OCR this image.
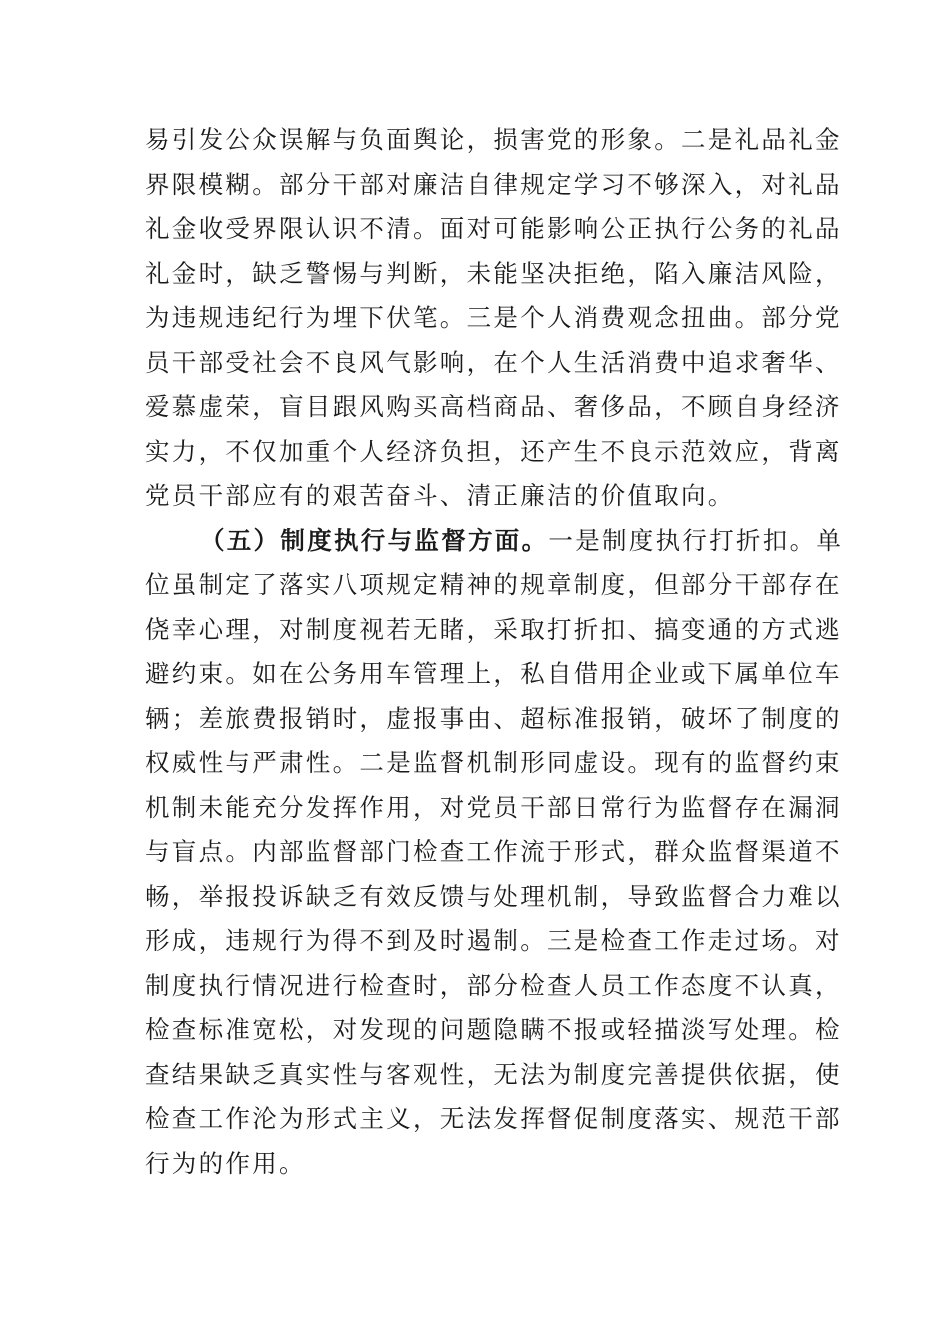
易引发公众误解与负面舆论，损害党的形象。二是礼品礼金
界限模糊。部分干部对廉洁自律规定学习不够深入，对礼品
礼金收受界限认识不清。面对可能影响公正执行公务的礼品
礼金时，缺乏警惕与判断，未能坚决拒绝，陷入廉洁风险，
为违规违纪行为埋下伏笔。三是个人消费观念扭曲。部分党
员干部受社会不良风气影响，在个人生活消费中追求奢华、
爱慕虚荣，盲目跟风购买高档商品、奢侈品，不顾自身经济
实力，不仅加重个人经济负担，还产生不良示范效应，背离
党员干部应有的艰苦奋斗、清正廉洁的价值取向。
（五）制度执行与监督方面。一是制度执行打折扣。单
位虽制定了落实八项规定精神的规章制度，但部分干部存在
侥幸心理，对制度视若无睹，采取打折扣、搞变通的方式逃
避约束。如在公务用车管理上，私自借用企业或下属单位车
辆；差旅费报销时，虚报事由、超标准报销，破坏了制度的
权威性与严肃性。二是监督机制形同虚设。现有的监督约束
机制未能充分发挥作用，对党员干部日常行为监督存在漏洞
与盲点。内部监督部门检查工作流于形式，群众监督渠道不
畅，举报投诉缺乏有效反馈与处理机制，导致监督合力难以
形成，违规行为得不到及时遏制。三是检查工作走过场。对
制度执行情况进行检查时，部分检查人员工作态度不认真，
检查标准宽松，对发现的问题隐瞒不报或轻描淡写处理。检
查结果缺乏真实性与客观性，无法为制度完善提供依据，使
检查工作沦为形式主义，无法发挥督促制度落实、规范干部
行为的作用。
